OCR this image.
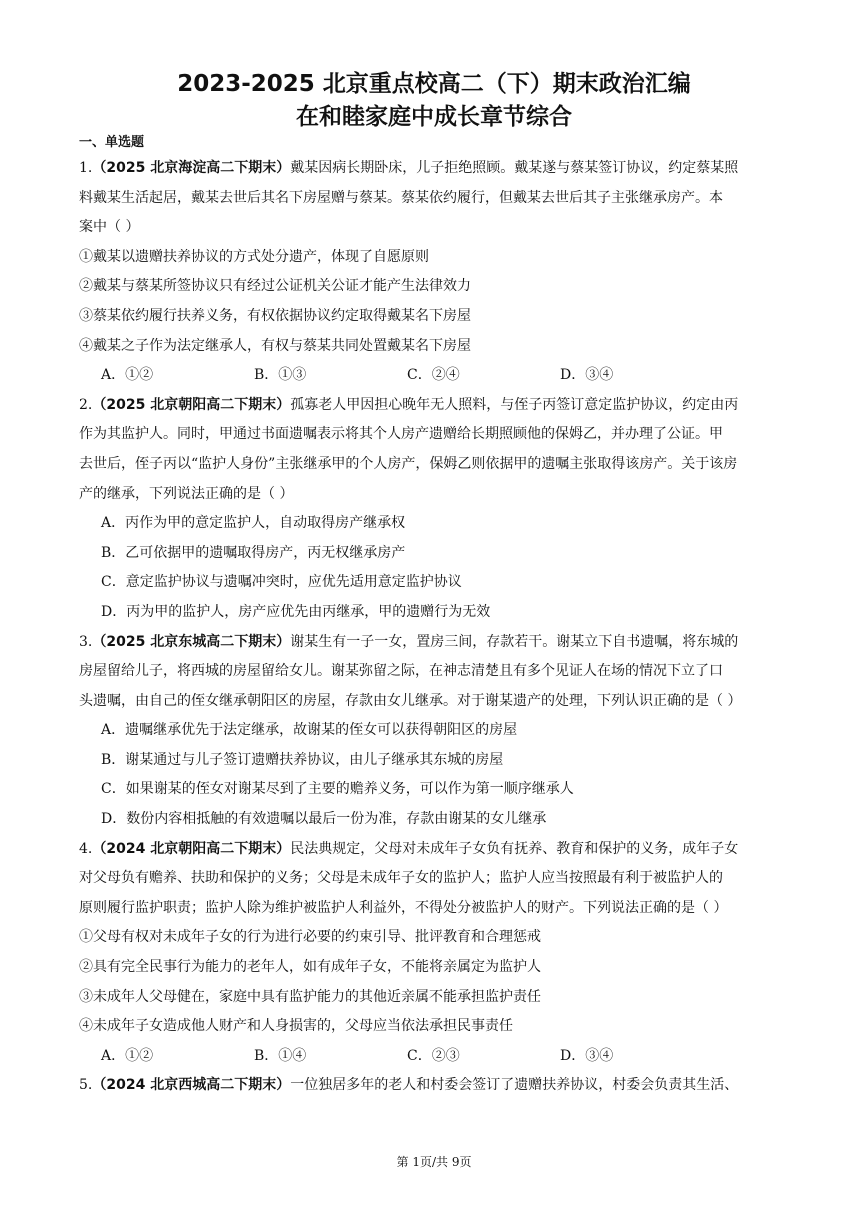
2023-2025 北京重点校高二（下）期末政治汇编
在和睦家庭中成长章节综合
一、单选题
1.（2025 北京海淀高二下期末）戴某因病长期卧床，儿子拒绝照顾。戴某遂与蔡某签订协议，约定蔡某照
料戴某生活起居，戴某去世后其名下房屋赠与蔡某。蔡某依约履行，但戴某去世后其子主张继承房产。本
案中（ ）
①戴某以遗赠扶养协议的方式处分遗产，体现了自愿原则
②戴某与蔡某所签协议只有经过公证机关公证才能产生法律效力
③蔡某依约履行扶养义务，有权依据协议约定取得戴某名下房屋
④戴某之子作为法定继承人，有权与蔡某共同处置戴某名下房屋
A．①②	B．①③	C．②④	D．③④
2.（2025 北京朝阳高二下期末）孤寡老人甲因担心晚年无人照料，与侄子丙签订意定监护协议，约定由丙
作为其监护人。同时，甲通过书面遗嘱表示将其个人房产遗赠给长期照顾他的保姆乙，并办理了公证。甲
去世后，侄子丙以“监护人身份”主张继承甲的个人房产，保姆乙则依据甲的遗嘱主张取得该房产。关于该房
产的继承，下列说法正确的是（ ）
A．丙作为甲的意定监护人，自动取得房产继承权
B．乙可依据甲的遗嘱取得房产，丙无权继承房产
C．意定监护协议与遗嘱冲突时，应优先适用意定监护协议
D．丙为甲的监护人，房产应优先由丙继承，甲的遗赠行为无效
3.（2025 北京东城高二下期末）谢某生有一子一女，置房三间，存款若干。谢某立下自书遗嘱，将东城的
房屋留给儿子，将西城的房屋留给女儿。谢某弥留之际，在神志清楚且有多个见证人在场的情况下立了口
头遗嘱，由自己的侄女继承朝阳区的房屋，存款由女儿继承。对于谢某遗产的处理，下列认识正确的是（ ）
A．遗嘱继承优先于法定继承，故谢某的侄女可以获得朝阳区的房屋
B．谢某通过与儿子签订遗赠扶养协议，由儿子继承其东城的房屋
C．如果谢某的侄女对谢某尽到了主要的赡养义务，可以作为第一顺序继承人
D．数份内容相抵触的有效遗嘱以最后一份为准，存款由谢某的女儿继承
4.（2024 北京朝阳高二下期末）民法典规定，父母对未成年子女负有抚养、教育和保护的义务，成年子女
对父母负有赡养、扶助和保护的义务；父母是未成年子女的监护人；监护人应当按照最有利于被监护人的
原则履行监护职责；监护人除为维护被监护人利益外，不得处分被监护人的财产。下列说法正确的是（ ）
①父母有权对未成年子女的行为进行必要的约束引导、批评教育和合理惩戒
②具有完全民事行为能力的老年人，如有成年子女，不能将亲属定为监护人
③未成年人父母健在，家庭中具有监护能力的其他近亲属不能承担监护责任
④未成年子女造成他人财产和人身损害的，父母应当依法承担民事责任
A．①②	B．①④	C．②③	D．③④
5.（2024 北京西城高二下期末）一位独居多年的老人和村委会签订了遗赠扶养协议，村委会负责其生活、
第 1页/共 9页
